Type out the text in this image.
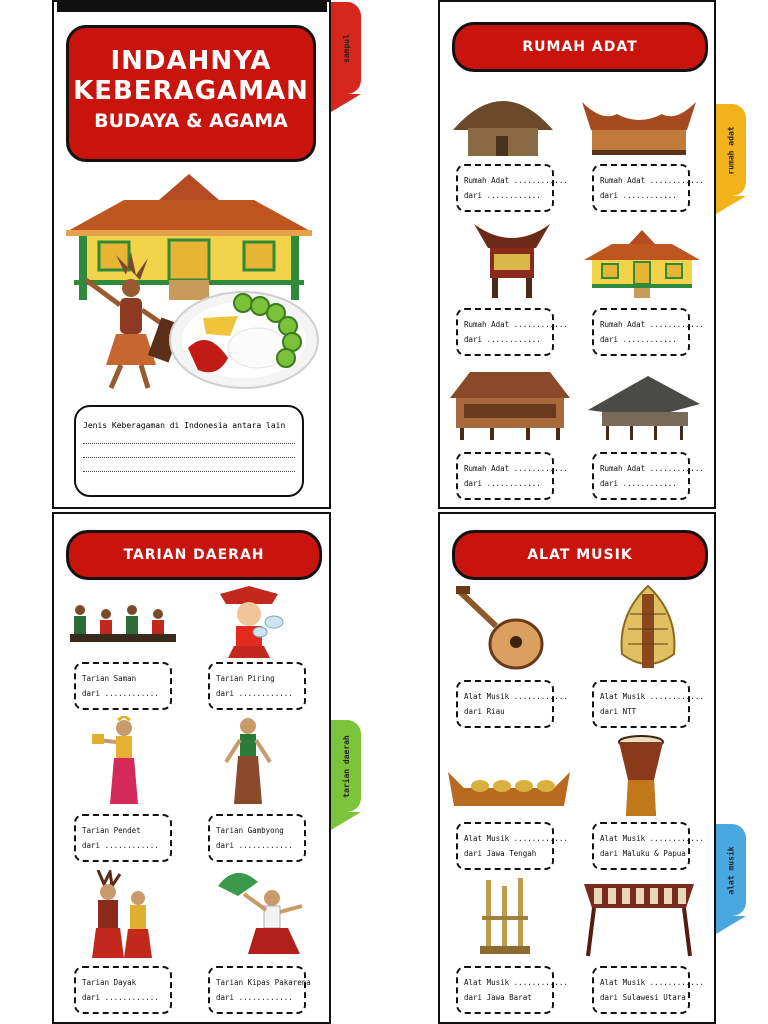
sampul
INDAHNYA
KEBERAGAMAN
BUDAYA & AGAMA
Jenis Keberagaman di Indonesia antara lain
RUMAH ADAT
rumah adat
Rumah Adat ............
dari ............
Rumah Adat ............
dari ............
Rumah Adat ............
dari ............
Rumah Adat ............
dari ............
Rumah Adat ............
dari ............
Rumah Adat ............
dari ............
TARIAN DAERAH
tarian daerah
Tarian Saman
dari ............
Tarian Piring
dari ............
Tarian Pendet
dari ............
Tarian Gambyong
dari ............
Tarian Dayak
dari ............
Tarian Kipas Pakarena
dari ............
ALAT MUSIK
alat musik
Alat Musik ............
dari Riau
Alat Musik ............
dari NTT
Alat Musik ............
dari Jawa Tengah
Alat Musik ............
dari Maluku & Papua
Alat Musik ............
dari Jawa Barat
Alat Musik ............
dari Sulawesi Utara
